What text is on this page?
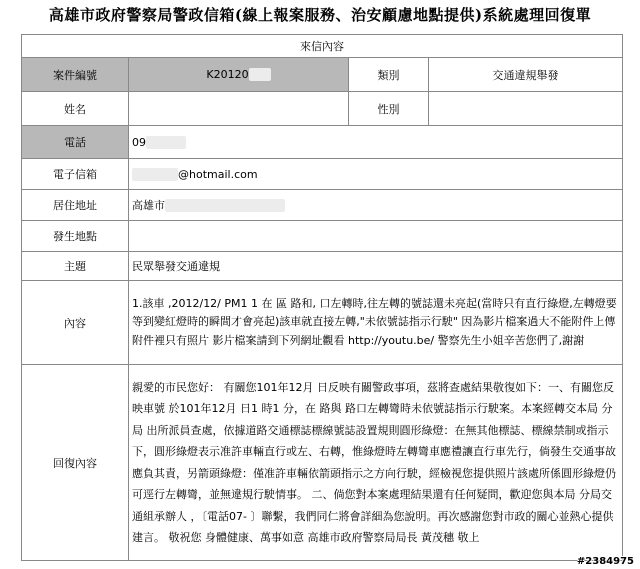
高雄市政府警察局警政信箱(線上報案服務、治安顧慮地點提供)系統處理回復單
來信內容			
案件編號	K20120	類別	交通違規舉發
姓名		性別	
電話	09		
電子信箱	@hotmail.com		
居住地址	高雄市		
發生地點			
主題	民眾舉發交通違規		
內容	1.該車 ,2012/12/ PM1 1 在 區 路和, 口左轉時,往左轉的號誌還未亮起(當時只有直行綠燈,左轉燈要等到變紅燈時的瞬間才會亮起)該車就直接左轉,"未依號誌指示行駛" 因為影片檔案過大不能附件上傳 附件裡只有照片 影片檔案請到下列網址觀看 http://youtu.be/ 警察先生小姐辛苦您們了,謝謝		
回復內容	親愛的市民您好： 有關您101年12月 日反映有關警政事項，茲將查處結果敬復如下：一、有關您反映車號 於101年12月 日1 時1 分，在 路與 路口左轉彎時未依號誌指示行駛案。本案經轉交本局 分局 出所派員查處，依據道路交通標誌標線號誌設置規則圓形綠燈：在無其他標誌、標線禁制或指示下，圓形綠燈表示准許車輛直行或左、右轉，惟綠燈時左轉彎車應禮讓直行車先行，倘發生交通事故應負其責，另箭頭綠燈：僅准許車輛依箭頭指示之方向行駛，經檢視您提供照片該處所係圓形綠燈仍可逕行左轉彎，並無違規行駛情事。 二、倘您對本案處理結果還有任何疑問，歡迎您與本局 分局交通組承辦人 ，〔電話07- 〕聯繫，我們同仁將會詳細為您說明。再次感謝您對市政的關心並熱心提供建言。 敬祝您 身體健康、萬事如意 高雄市政府警察局局長 黃茂穗 敬上		
#2384975
